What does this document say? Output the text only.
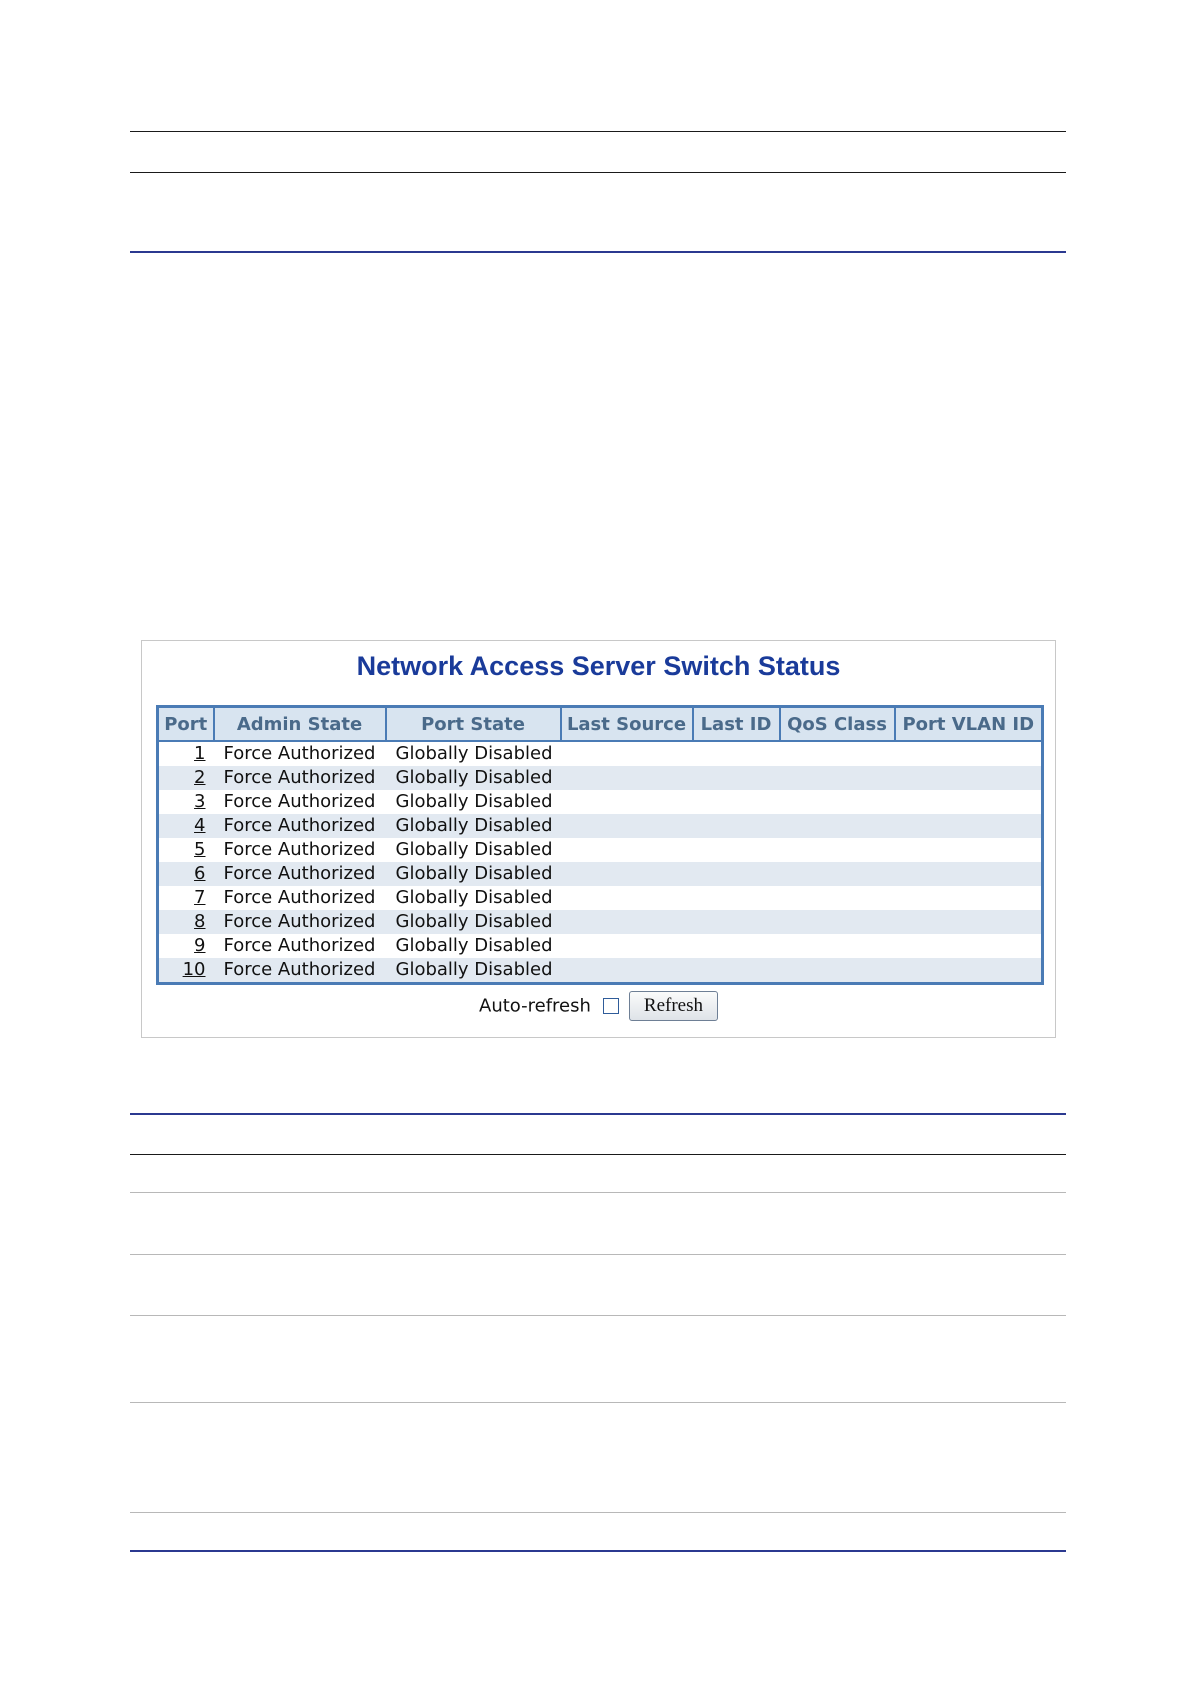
Network Access Server Switch Status
Port	Admin State	Port State	Last Source	Last ID	QoS Class	Port VLAN ID
1	Force Authorized	Globally Disabled				
2	Force Authorized	Globally Disabled				
3	Force Authorized	Globally Disabled				
4	Force Authorized	Globally Disabled				
5	Force Authorized	Globally Disabled				
6	Force Authorized	Globally Disabled				
7	Force Authorized	Globally Disabled				
8	Force Authorized	Globally Disabled				
9	Force Authorized	Globally Disabled				
10	Force Authorized	Globally Disabled				
Auto-refresh	Refresh
